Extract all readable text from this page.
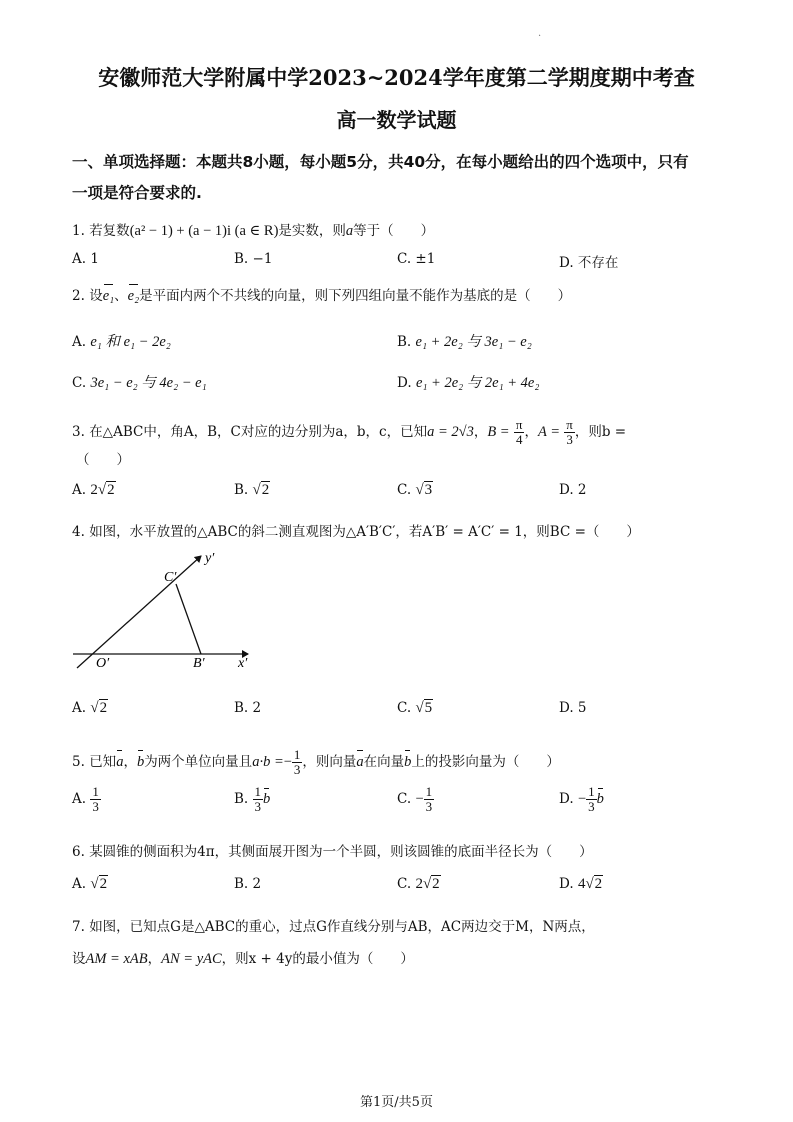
.
安徽师范大学附属中学2023~2024学年度第二学期度期中考查
高一数学试题
一、单项选择题：本题共8小题，每小题5分，共40分，在每小题给出的四个选项中，只有
一项是符合要求的.
1. 若复数(a² − 1) + (a − 1)i (a ∈ R)是实数，则a等于（　　）
A. 1	B. −1	C. ±1	D. 不存在
2. 设e₁、e₂是平面内两个不共线的向量，则下列四组向量不能作为基底的是（　　）
A. e₁ 和 e₁ − 2e₂	B. e₁ + 2e₂ 与 3e₁ − e₂
C. 3e₁ − e₂ 与 4e₂ − e₁	D. e₁ + 2e₂ 与 2e₁ + 4e₂
3. 在△ABC中，角A，B，C对应的边分别为a，b，c，已知a = 2√3，$B = \frac{\pi}{4}$ ，$A = \frac{\pi}{3}$ ，则b =
（　　）
A. 2√2	B. √2	C. √3	D. 2
4. 如图，水平放置的△ABC的斜二测直观图为△A′B′C′，若A′B′ = A′C′ = 1，则BC =（　　）
y′
x′
C′
O′	B′
A. √2	B. 2	C. √5	D. 5
5. 已知a，b为两个单位向量且$a\cdot b =- \frac{1}{3}$ ，则向量a在向量b上的投影向量为（　　）
A. $\frac{1}{3}$	B. $\frac{1}{3}$ b	C. − $\frac{1}{3}$	D. − $\frac{1}{3}$ b
6. 某圆锥的侧面积为4π，其侧面展开图为一个半圆，则该圆锥的底面半径长为（　　）
A. √2	B. 2	C. 2√2	D. 4√2
7. 如图，已知点G是△ABC的重心，过点G作直线分别与AB，AC两边交于M，N两点，
设AM = xAB，AN = yAC，则x + 4y的最小值为（　　）
第1页/共5页
